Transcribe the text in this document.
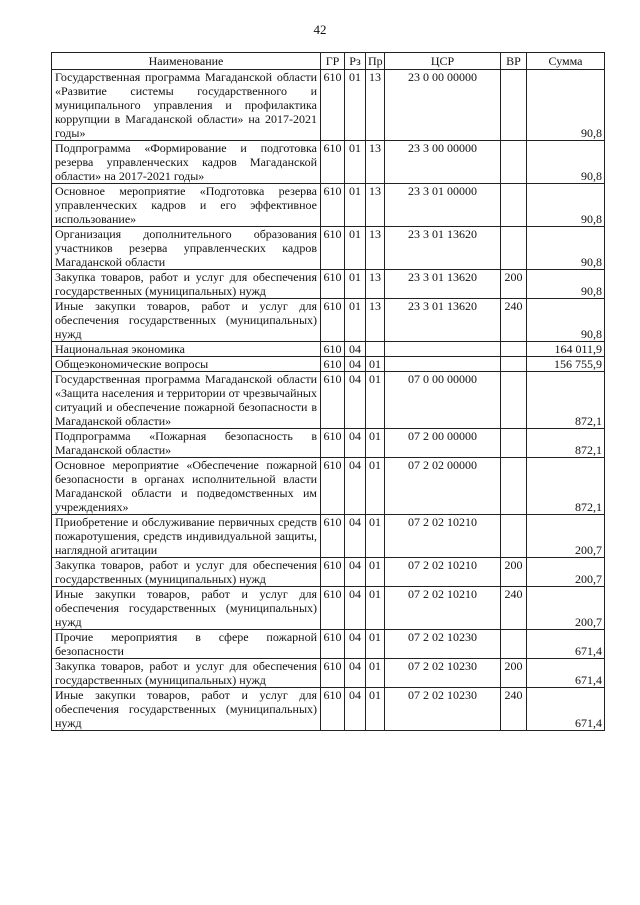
42
Наименование	ГР	Рз	Пр	ЦСР	ВР	Сумма
Государственная программа Магаданской области «Развитие системы государственного и муниципального управления и профилактика коррупции в Магаданской области» на 2017-2021 годы»	610	01	13	23 0 00 00000		90,8
Подпрограмма «Формирование и подготовка резерва управленческих кадров Магаданской области» на 2017-2021 годы»	610	01	13	23 3 00 00000		90,8
Основное мероприятие «Подготовка резерва управленческих кадров и его эффективное использование»	610	01	13	23 3 01 00000		90,8
Организация дополнительного образования участников резерва управленческих кадров Магаданской области	610	01	13	23 3 01 13620		90,8
Закупка товаров, работ и услуг для обеспечения государственных (муниципальных) нужд	610	01	13	23 3 01 13620	200	90,8
Иные закупки товаров, работ и услуг для обеспечения государственных (муниципальных) нужд	610	01	13	23 3 01 13620	240	90,8
Национальная экономика	610	04				164 011,9
Общеэкономические вопросы	610	04	01			156 755,9
Государственная программа Магаданской области «Защита населения и территории от чрезвычайных ситуаций и обеспечение пожарной безопасности в Магаданской области»	610	04	01	07 0 00 00000		872,1
Подпрограмма «Пожарная безопасность в Магаданской области»	610	04	01	07 2 00 00000		872,1
Основное мероприятие «Обеспечение пожарной безопасности в органах исполнительной власти Магаданской области и подведомственных им учреждениях»	610	04	01	07 2 02 00000		872,1
Приобретение и обслуживание первичных средств пожаротушения, средств индивидуальной защиты, наглядной агитации	610	04	01	07 2 02 10210		200,7
Закупка товаров, работ и услуг для обеспечения государственных (муниципальных) нужд	610	04	01	07 2 02 10210	200	200,7
Иные закупки товаров, работ и услуг для обеспечения государственных (муниципальных) нужд	610	04	01	07 2 02 10210	240	200,7
Прочие мероприятия в сфере пожарной безопасности	610	04	01	07 2 02 10230		671,4
Закупка товаров, работ и услуг для обеспечения государственных (муниципальных) нужд	610	04	01	07 2 02 10230	200	671,4
Иные закупки товаров, работ и услуг для обеспечения государственных (муниципальных) нужд	610	04	01	07 2 02 10230	240	671,4
